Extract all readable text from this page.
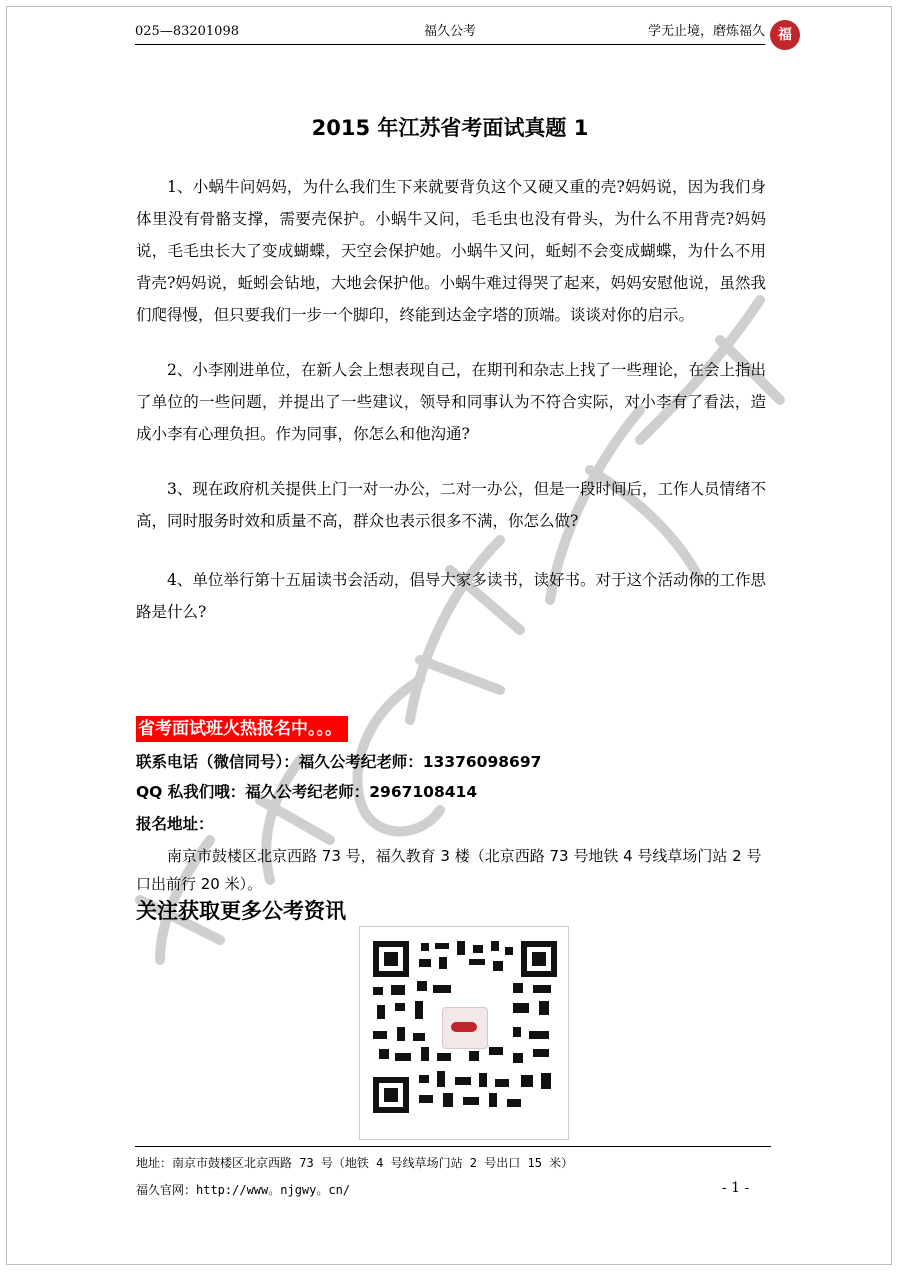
025—83201098	福久公考	学无止境，磨炼福久 福
2015 年江苏省考面试真题 1

1、小蜗牛问妈妈，为什么我们生下来就要背负这个又硬又重的壳?妈妈说，因为我们身体里没有骨骼支撑，需要壳保护。小蜗牛又问，毛毛虫也没有骨头，为什么不用背壳?妈妈说，毛毛虫长大了变成蝴蝶，天空会保护她。小蜗牛又问，蚯蚓不会变成蝴蝶，为什么不用背壳?妈妈说，蚯蚓会钻地，大地会保护他。小蜗牛难过得哭了起来，妈妈安慰他说，虽然我们爬得慢，但只要我们一步一个脚印，终能到达金字塔的顶端。谈谈对你的启示。

2、小李刚进单位，在新人会上想表现自己，在期刊和杂志上找了一些理论，在会上指出了单位的一些问题，并提出了一些建议，领导和同事认为不符合实际，对小李有了看法，造成小李有心理负担。作为同事，你怎么和他沟通?

3、现在政府机关提供上门一对一办公，二对一办公，但是一段时间后，工作人员情绪不高，同时服务时效和质量不高，群众也表示很多不满，你怎么做?

4、单位举行第十五届读书会活动，倡导大家多读书，读好书。对于这个活动你的工作思路是什么?

省考面试班火热报名中。。。
联系电话（微信同号）：福久公考纪老师：13376098697
QQ 私我们哦：福久公考纪老师：2967108414
报名地址：
南京市鼓楼区北京西路 73 号，福久教育 3 楼（北京西路 73 号地铁 4 号线草场门站 2 号口出前行 20 米）。
关注获取更多公考资讯
地址：南京市鼓楼区北京西路 73 号（地铁 4 号线草场门站 2 号出口 15 米）
福久官网：http://www。njgwy。cn/	- 1 -
